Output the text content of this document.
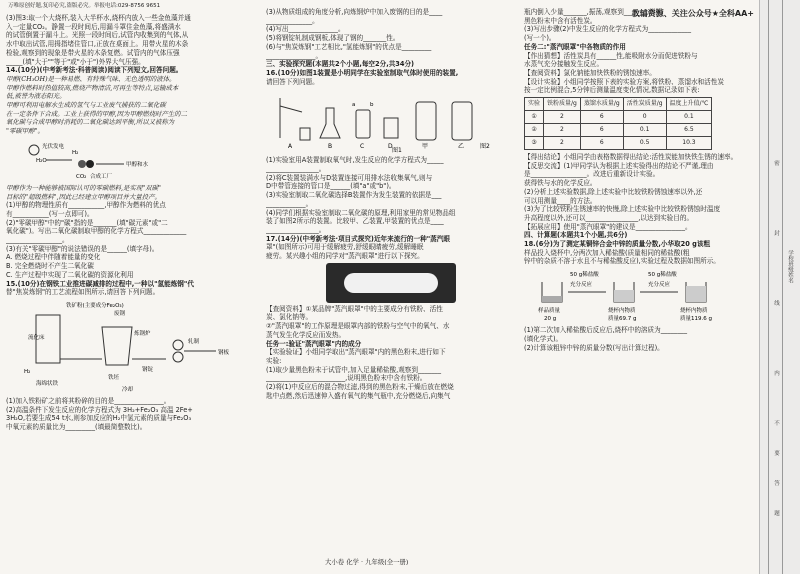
万唯原创好题,复印必究,盗版必究。举报电话:029-8756 9651
教辅资源、关注公众号★全科AA+
(3)图3:取一个大烧杯,装入大半杯水,烧杯内放入一些金鱼藻并通
入一定量CO₂。静置一段时间后,用漏斗罩住金鱼藻,将盛满水
的试管倒置于漏斗上。光照一段时间后,试管内收集到的气体,从
水中取出试管,用拇指堵住管口,正放在桌面上。用带火星的木条
检验,观察到的现象是带火星的木条复燃。试管内的气体压强
_____(填"大于""等于"或"小于")外界大气压强。
14.(10分)(中考新考法·科普阅读)阅读下列短文,回答问题。
甲醇(CH₃OH)是一种易燃、有特殊气味、无色透明的液体。
甲醇作燃料时热值较高,燃烧产物清洁,可再生等特点,运输成本
低,被誉为液态阳光。
甲醇可利用电解水生成的氢气与工业废气捕获的二氧化碳
在一定条件下合成。工业上获得的甲醇,因为甲醇燃烧时产生的二
氧化碳与合成甲醇时消耗的二氧化碳达到平衡,所以又被称为
"零碳甲醇"。
光伏发电
H₂O
H₂
CO₂
甲醇和水
合成工厂
甲醇作为一种能够被国际认可的零碳燃料,是实现"双碳"
目标的"超级燃料",因此已经建立甲醇项目并大量投产。
(1)甲醇的物理性质有___________,甲醇作为燃料的优点
有___________(写一点即可)。
(2)"零碳甲醇"中的"碳"指的是_______(填"碳元素"或"二
氧化碳")。写出二氧化碳制取甲醇的化学方程式_____________
_________________。
(3)有关"零碳甲醇"的说法错误的是______(填字母)。
A. 燃烧过程中伴随着能量的变化
B. 完全燃烧时不产生二氧化碳
C. 生产过程中实现了二氧化碳的资源化利用
15.(10分)在钢铁工业推进碳减排的过程中,一种以"氢能炼钢"代
替"焦炭炼钢"的工艺流程如图所示,请回答下列问题。
铁矿粉(主要成分Fe₂O₃)
流化床
H₂
海绵状铁
废钢
炼钢炉
铁坯
钢锭
轧制
钢板
冷却
(1)加入铁粉矿之前将其粉碎的目的是_______________。
(2)高温条件下发生反应的化学方程式为 3H₂+Fe₂O₃ 高温 2Fe+
3H₂O,若要生成54 t水,则参加反应的H₂中氢元素的质量与Fe₂O₃
中氧元素的质量比为_________(填最简整数比)。
(3)从物质组成的角度分析,向炼钢炉中加入废钢的目的是____
______________。
(4)写出_______________。
(5)将钢锭轧制成钢板,体现了钢的_______性。
(6)与"焦炭炼钢"工艺相比,"氢能炼钢"的优点是_________
_______________。
三、实验探究题(本题共2个小题,每空2分,共34分)
16.(10分)如图1装置是小明同学在实验室制取气体时使用的装置,
请回答下列问题。
A	B
a	b
C	D
图1
甲	乙	图2
(1)实验室用A装置制取氧气时,发生反应的化学方程式为_____
________________。
(2)将C装置装满水与D装置连接可用排水法收集氧气,则与
D中带管连接的管口是______(填"a"或"b")。
(3)实验室制取二氧化碳选择B装置作为发生装置的依据是___
____________。
(4)同学们根据实验室制取二氧化碳的原理,利用家里的常见物品组
装了如图2所示的装置。比较甲、乙装置,甲装置的优点是____
________________。
17.(14分)(中考新考法·项目式探究)近年来流行的一种"蒸汽眼
罩"(如图所示)可用于缓解疲劳,舒缓眼睛疲劳,缓解睡眠
疲劳。某兴趣小组的同学对"蒸汽眼罩"进行以下探究。
【查阅资料】①某品牌"蒸汽眼罩"中的主要成分有铁粉、活性
炭、氯化钠等。
②"蒸汽眼罩"的工作原理是眼罩内部的铁粉与空气中的氧气、水
蒸气发生化学反应而发热。
任务一:验证"蒸汽眼罩"内的成分
【实验验证】小组同学取出"蒸汽眼罩"内的黑色粉末,进行如下
实验:
(1)取少量黑色粉末于试管中,加入足量稀盐酸,观察到_______
________________________,说明黑色粉末中含有铁粉。
(2)将(1)中反应后的混合物过滤,得到的黑色粉末,干燥后放在燃烧
匙中点燃,然后迅速伸入盛有氧气的集气瓶中,充分燃烧后,向集气
瓶内倒入少量_______,振荡,观察到_______,说明
黑色粉末中含有活性炭。
(3)写出步骤(2)中发生反应的化学方程式为_____________
(写一个)。
任务二:"蒸汽眼罩"中各物质的作用
【作出猜想】活性炭具有______性,能吸附水分而促进铁粉与
水蒸气充分接触发生反应。
【查阅资料】氯化钠能加快铁粉的锈蚀速率。
【设计实验】小组同学按照下表的实验方案,将铁粉、蒸馏水和活性炭
按一定比例混合,5分钟后测量温度变化情况,数据记录如下表:
实验	铁粉质量/g	蒸馏水质量/g	活性炭质量/g	温度上升值/℃
①	2	6	0	0.1
②	2	6	0.1	6.5
③	2	6	0.5	10.3
【得出结论】小组同学由表格数据得出结论:活性炭能加快铁生锈的速率。
【反思交流】(1)甲同学认为根据上述实验得出的结论不严谨,理由
是_________________。改进后重新设计实验。
获得铁与水的化学反应。
(2)分析上述实验数据,除上述实验中比较铁粉锈蚀速率以外,还
可以用测量____的方法。
(3)为了比较铁粉生锈速率的快慢,除上述实验中比较铁粉锈蚀时温度
升高程度以外,还可以________________,以达到实验目的。
【拓展应用】使用"蒸汽眼罩"的建议是_______________。
四、计算题(本题共1个小题,共6分)
18.(6分)为了测定某铜锌合金中锌的质量分数,小华取20 g该粗
样品投入烧杯中,分两次加入稀盐酸(质量相同的稀盐酸(粗
锌中的杂质不溶于水且不与稀盐酸反应),实验过程及数据如图所示。
50 g稀盐酸
充分反应
50 g稀盐酸
充分反应
样品质量
20 g
烧杯内物质
质量69.7 g
烧杯内物质
质量119.6 g
(1)第二次加入稀盐酸后反应后,烧杯中的溶质为________
(填化学式)。
(2)计算该粗锌中锌的质量分数(写出计算过程)。
大小卷 化学 · 九年级(全一册)
密
封
线
内
不
要
答
题
学校班级姓名
